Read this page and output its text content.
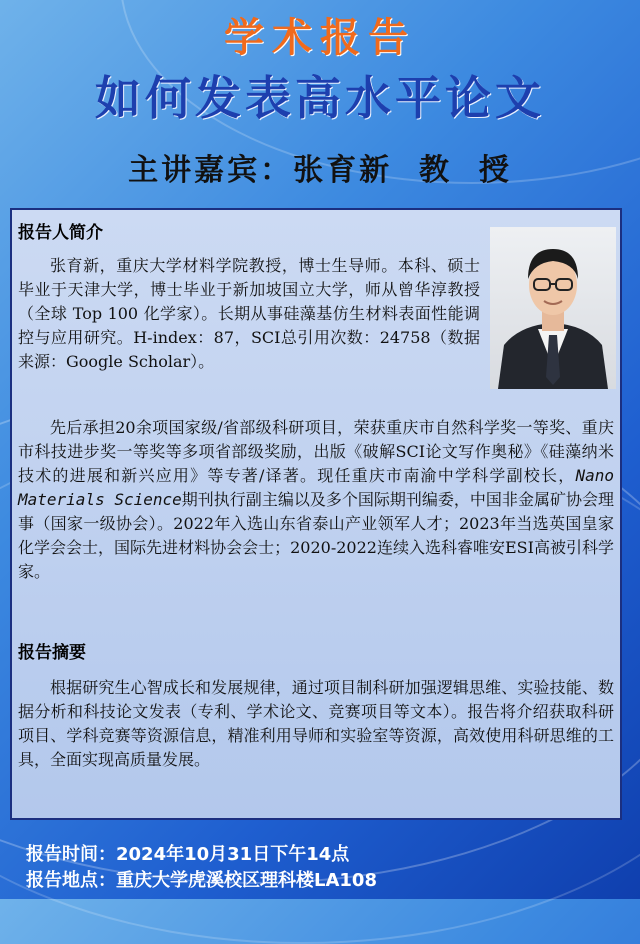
学术报告
如何发表高水平论文
主讲嘉宾：张育新  教  授
报告人简介
张育新，重庆大学材料学院教授，博士生导师。本科、硕士毕业于天津大学，博士毕业于新加坡国立大学，师从曾华淳教授（全球 Top 100 化学家）。长期从事硅藻基仿生材料表面性能调控与应用研究。H-index：87，SCI总引用次数：24758（数据来源：Google Scholar）。
先后承担20余项国家级/省部级科研项目，荣获重庆市自然科学奖一等奖、重庆市科技进步奖一等奖等多项省部级奖励，出版《破解SCI论文写作奥秘》《硅藻纳米技术的进展和新兴应用》等专著/译著。现任重庆市南渝中学科学副校长，Nano Materials Science期刊执行副主编以及多个国际期刊编委，中国非金属矿协会理事（国家一级协会）。2022年入选山东省泰山产业领军人才；2023年当选英国皇家化学会会士，国际先进材料协会会士；2020-2022连续入选科睿唯安ESI高被引科学家。
报告摘要
根据研究生心智成长和发展规律，通过项目制科研加强逻辑思维、实验技能、数据分析和科技论文发表（专利、学术论文、竞赛项目等文本）。报告将介绍获取科研项目、学科竞赛等资源信息，精准利用导师和实验室等资源，高效使用科研思维的工具，全面实现高质量发展。
报告时间：2024年10月31日下午14点
报告地点：重庆大学虎溪校区理科楼LA108
